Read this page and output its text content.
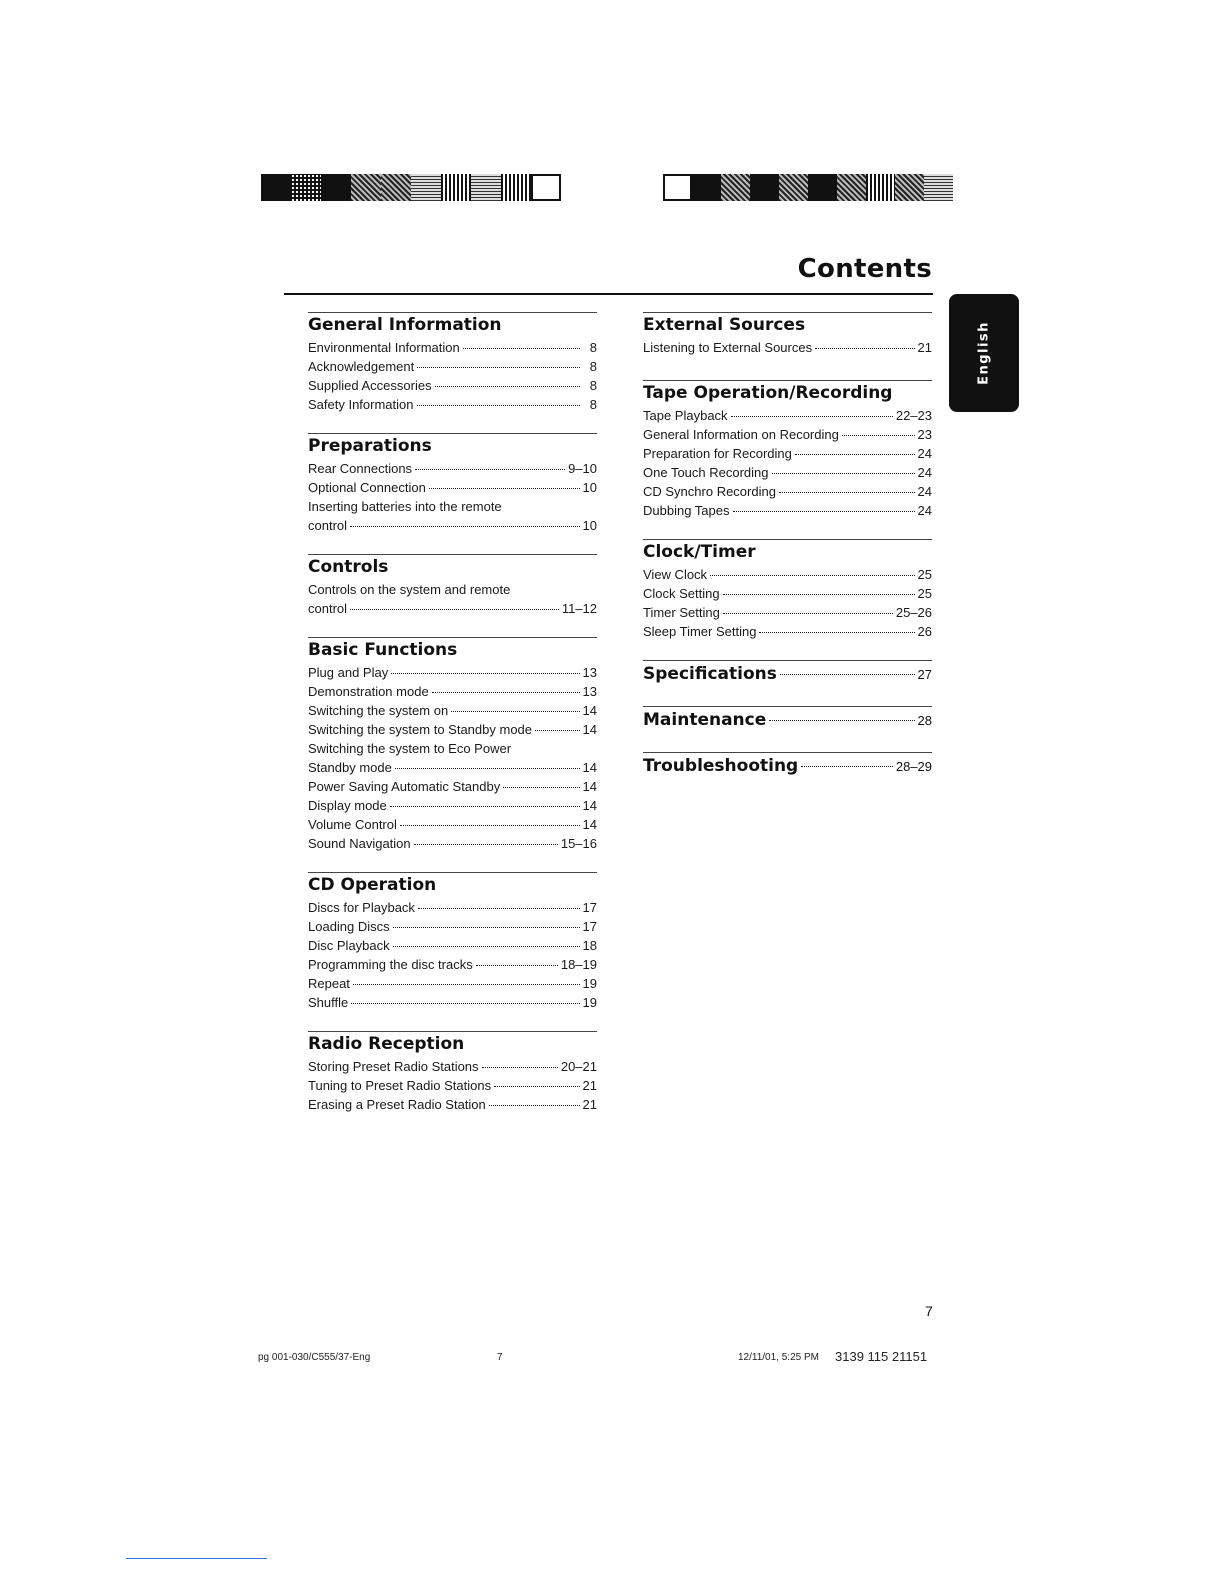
Contents
English
General Information
Environmental Information	8
Acknowledgement	8
Supplied Accessories	8
Safety Information	8
Preparations
Rear Connections	9–10
Optional Connection	10
Inserting batteries into the remote
control	10
Controls
Controls on the system and remote
control	11–12
Basic Functions
Plug and Play	13
Demonstration mode	13
Switching the system on	14
Switching the system to Standby mode	14
Switching the system to Eco Power
Standby mode	14
Power Saving Automatic Standby	14
Display mode	14
Volume Control	14
Sound Navigation	15–16
CD Operation
Discs for Playback	17
Loading Discs	17
Disc Playback	18
Programming the disc tracks	18–19
Repeat	19
Shuffle	19
Radio Reception
Storing Preset Radio Stations	20–21
Tuning to Preset Radio Stations	21
Erasing a Preset Radio Station	21
External Sources
Listening to External Sources	21
Tape Operation/Recording
Tape Playback	22–23
General Information on Recording	23
Preparation for Recording	24
One Touch Recording	24
CD Synchro Recording	24
Dubbing Tapes	24
Clock/Timer
View Clock	25
Clock Setting	25
Timer Setting	25–26
Sleep Timer Setting	26
Specifications	27
Maintenance	28
Troubleshooting	28–29
7
pg 001-030/C555/37-Eng	7	12/11/01, 5:25 PM 3139 115 21151
